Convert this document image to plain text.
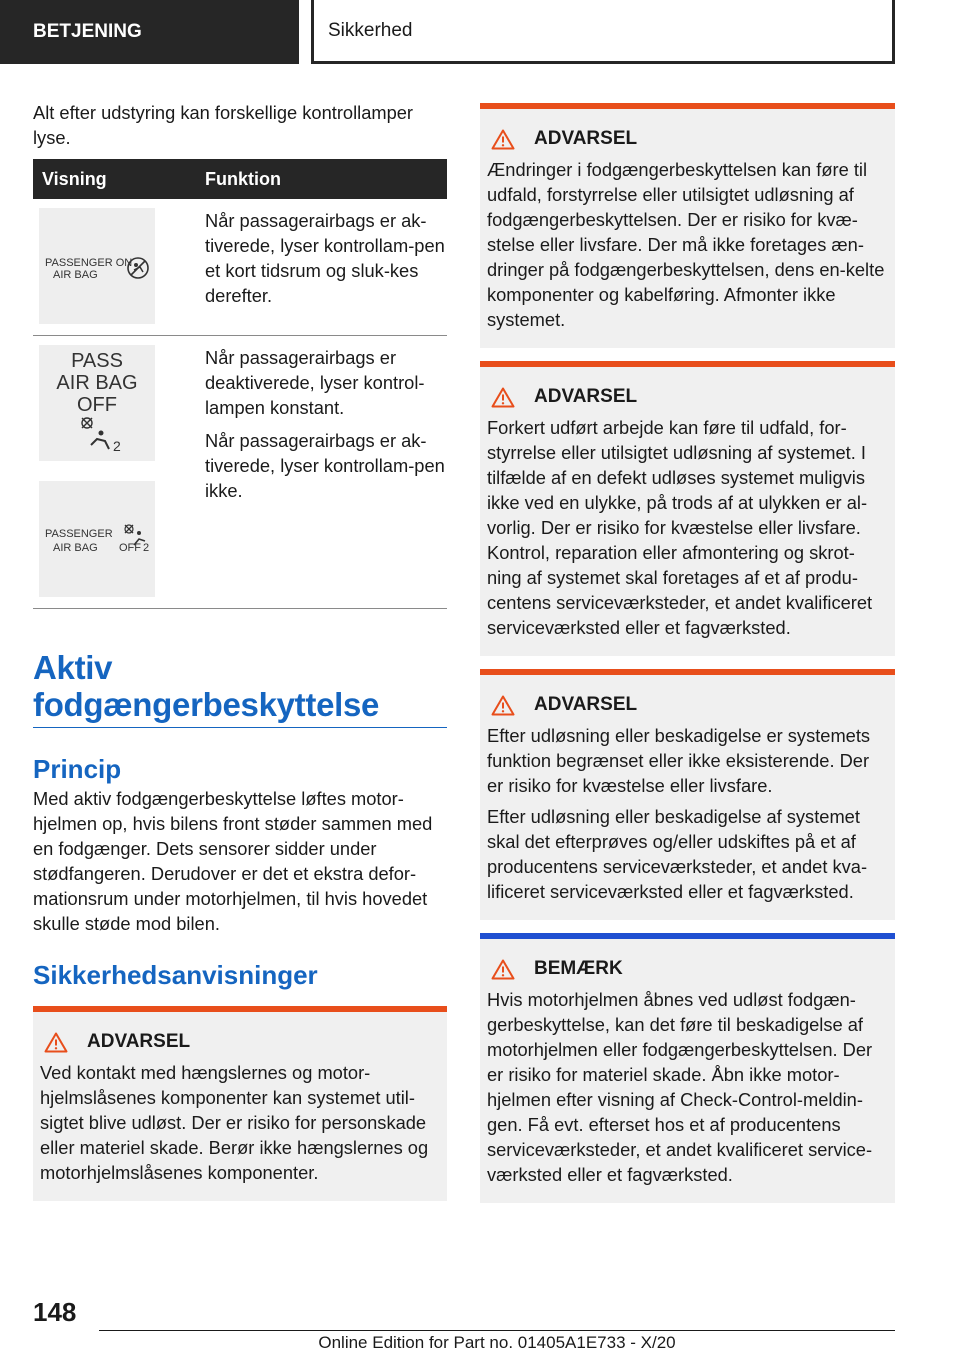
BETJENING	Sikkerhed

Alt efter udstyring kan forskellige kontrollamper lyse.

Visning	Funktion
PASSENGER ON
AIR BAG

Når passagerairbags er ak-tiverede, lyser kontrollam-pen et kort tidsrum og sluk-kes derefter.

PASS
AIR BAG
OFF
2
PASSENGER
AIR BAG OFF 2

Når passagerairbags er deaktiverede, lyser kontrol-lampen konstant.

Når passagerairbags er ak-tiverede, lyser kontrollam-pen ikke.

Aktiv fodgængerbeskyttelse
Princip

Med aktiv fodgængerbeskyttelse løftes motor-hjelmen op, hvis bilens front støder sammen med en fodgænger. Dets sensorer sidder under stødfangeren. Derudover er det et ekstra defor-mationsrum under motorhjelmen, til hvis hovedet skulle støde mod bilen.

Sikkerhedsanvisninger
ADVARSEL

Ved kontakt med hængslernes og motor-hjelmslåsenes komponenter kan systemet util-sigtet blive udløst. Der er risiko for personskade eller materiel skade. Berør ikke hængslernes og motorhjelmslåsenes komponenter.

ADVARSEL

Ændringer i fodgængerbeskyttelsen kan føre til udfald, forstyrrelse eller utilsigtet udløsning af fodgængerbeskyttelsen. Der er risiko for kvæ-stelse eller livsfare. Der må ikke foretages æn-dringer på fodgængerbeskyttelsen, dens en-kelte komponenter og kabelføring. Afmonter ikke systemet.

ADVARSEL

Forkert udført arbejde kan føre til udfald, for-styrrelse eller utilsigtet udløsning af systemet. I tilfælde af en defekt udløses systemet muligvis ikke ved en ulykke, på trods af at ulykken er al-vorlig. Der er risiko for kvæstelse eller livsfare. Kontrol, reparation eller afmontering og skrot-ning af systemet skal foretages af et af produ-centens serviceværksteder, et andet kvalificeret serviceværksted eller et fagværksted.

ADVARSEL

Efter udløsning eller beskadigelse er systemets funktion begrænset eller ikke eksisterende. Der er risiko for kvæstelse eller livsfare.

Efter udløsning eller beskadigelse af systemet skal det efterprøves og/eller udskiftes på et af producentens serviceværksteder, et andet kva-lificeret serviceværksted eller et fagværksted.

BEMÆRK

Hvis motorhjelmen åbnes ved udløst fodgæn-gerbeskyttelse, kan det føre til beskadigelse af motorhjelmen eller fodgængerbeskyttelsen. Der er risiko for materiel skade. Åbn ikke motor-hjelmen efter visning af Check-Control-meldin-gen. Få evt. efterset hos et af producentens serviceværksteder, et andet kvalificeret service-værksted eller et fagværksted.

148
Online Edition for Part no. 01405A1E733 - X/20
